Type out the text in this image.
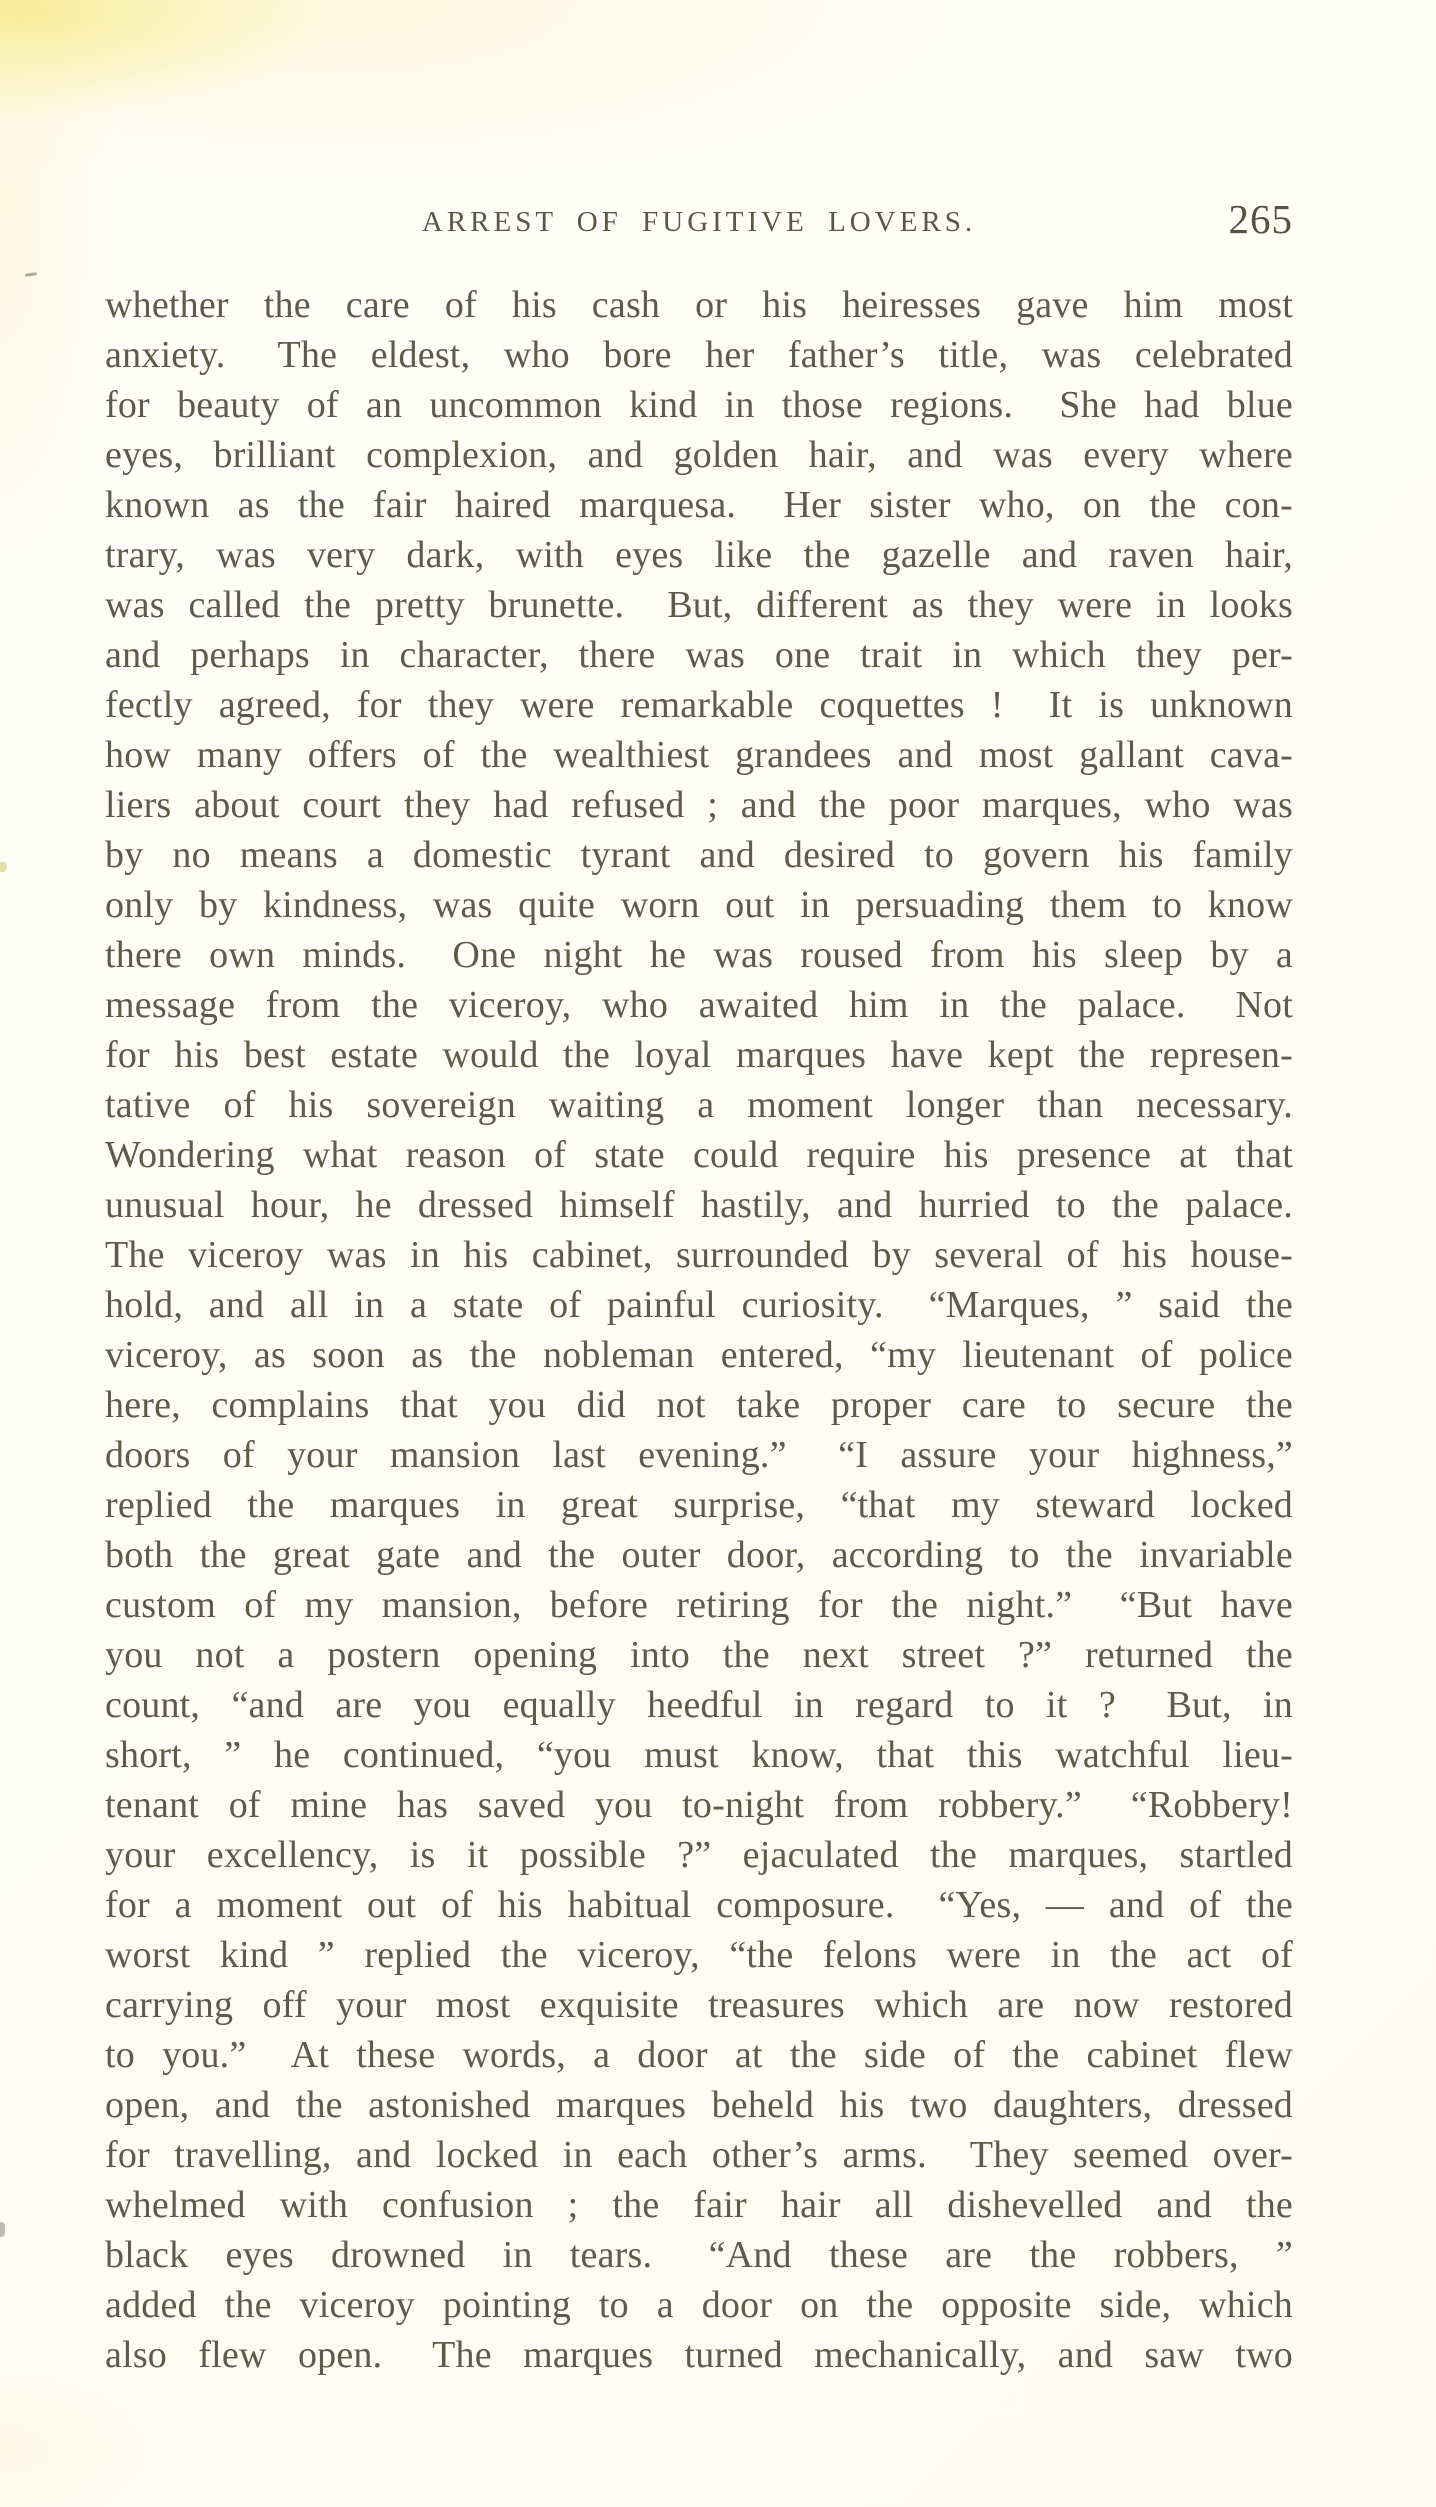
ARREST OF FUGITIVE LOVERS.	265
whether the care of his cash or his heiresses gave him most
anxiety.  The eldest, who bore her father’s title, was celebrated
for beauty of an uncommon kind in those regions.  She had blue
eyes, brilliant complexion, and golden hair, and was every where
known as the fair haired marquesa.  Her sister who, on the con-
trary, was very dark, with eyes like the gazelle and raven hair,
was called the pretty brunette.  But, different as they were in looks
and perhaps in character, there was one trait in which they per-
fectly agreed, for they were remarkable coquettes !  It is unknown
how many offers of the wealthiest grandees and most gallant cava-
liers about court they had refused ; and the poor marques, who was
by no means a domestic tyrant and desired to govern his family
only by kindness, was quite worn out in persuading them to know
there own minds.  One night he was roused from his sleep by a
message from the viceroy, who awaited him in the palace.  Not
for his best estate would the loyal marques have kept the represen-
tative of his sovereign waiting a moment longer than necessary.
Wondering what reason of state could require his presence at that
unusual hour, he dressed himself hastily, and hurried to the palace.
The viceroy was in his cabinet, surrounded by several of his house-
hold, and all in a state of painful curiosity.  “Marques, ” said the
viceroy, as soon as the nobleman entered, “my lieutenant of police
here, complains that you did not take proper care to secure the
doors of your mansion last evening.”  “I assure your highness,”
replied the marques in great surprise, “that my steward locked
both the great gate and the outer door, according to the invariable
custom of my mansion, before retiring for the night.”  “But have
you not a postern opening into the next street ?” returned the
count, “and are you equally heedful in regard to it ?  But, in
short, ” he continued, “you must know, that this watchful lieu-
tenant of mine has saved you to-night from robbery.”  “Robbery!
your excellency, is it possible ?” ejaculated the marques, startled
for a moment out of his habitual composure.  “Yes, — and of the
worst kind ” replied the viceroy, “the felons were in the act of
carrying off your most exquisite treasures which are now restored
to you.”  At these words, a door at the side of the cabinet flew
open, and the astonished marques beheld his two daughters, dressed
for travelling, and locked in each other’s arms.  They seemed over-
whelmed with confusion ; the fair hair all dishevelled and the
black eyes drowned in tears.  “And these are the robbers, ”
added the viceroy pointing to a door on the opposite side, which
also flew open.  The marques turned mechanically, and saw two
